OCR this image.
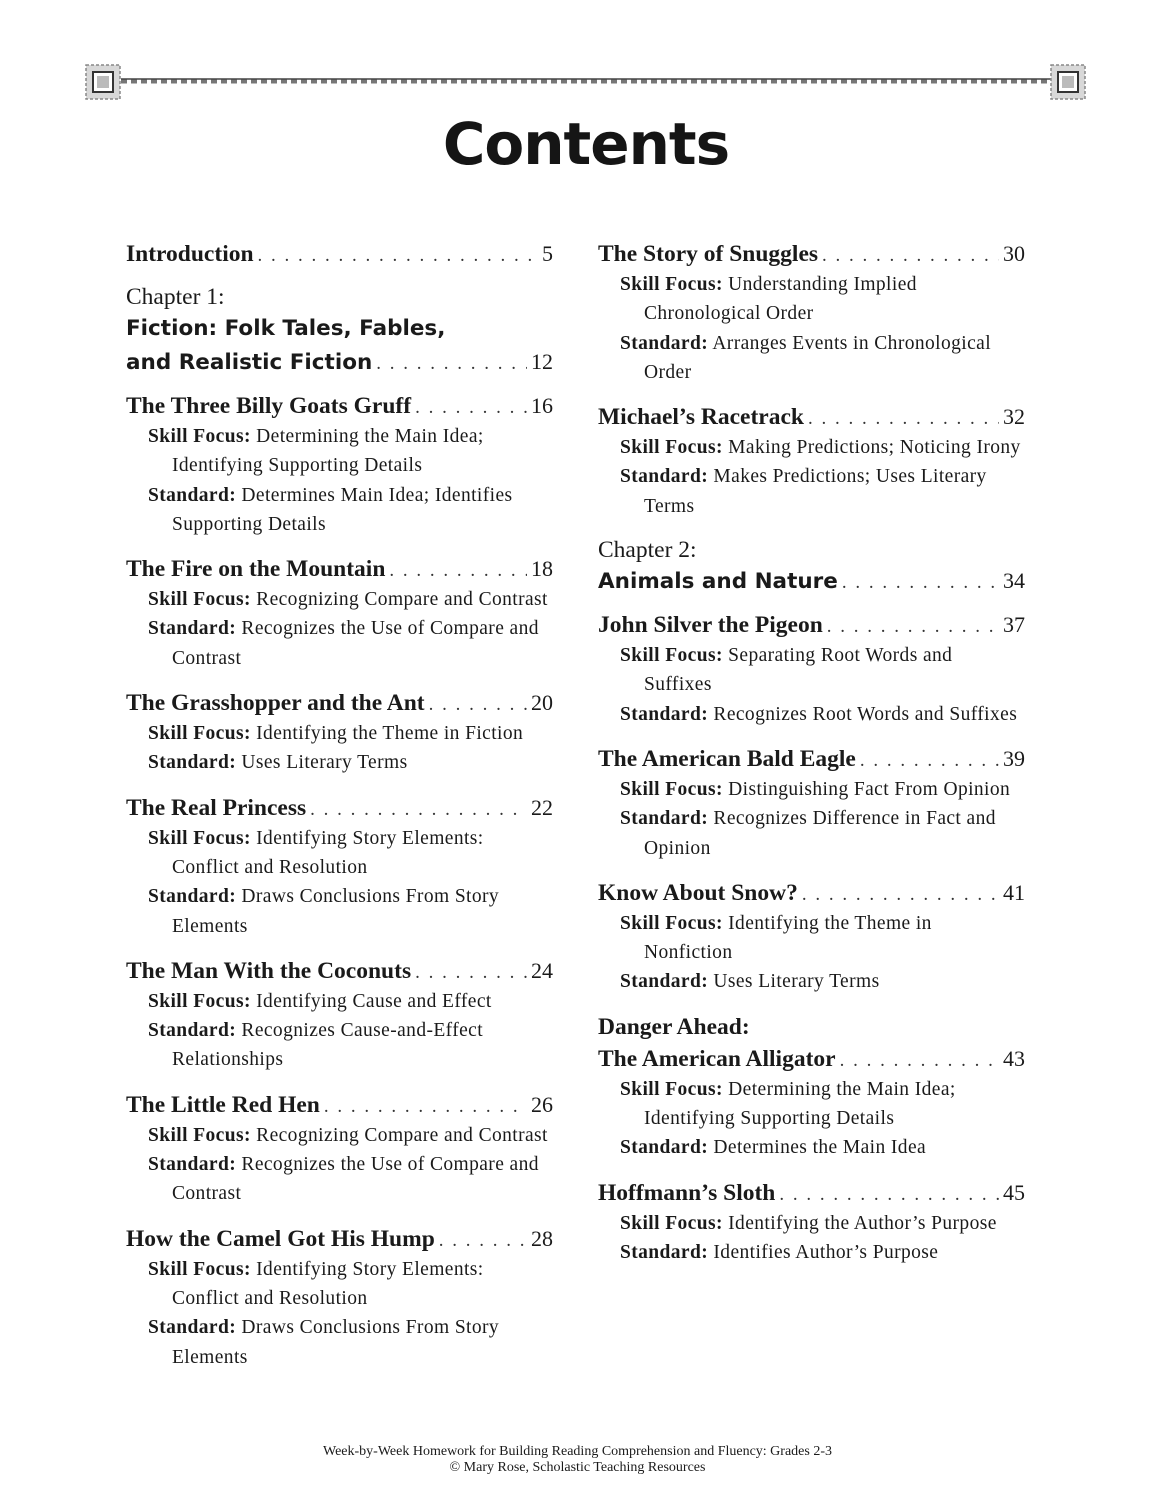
Contents
Introduction . . .	5
Chapter 1:
Fiction: Folk Tales, Fables,
and Realistic Fiction . . .	12
The Three Billy Goats Gruff . . .	16

Skill Focus: Determining the Main Idea; Identifying Supporting Details

Standard: Determines Main Idea; Identifies Supporting Details

The Fire on the Mountain . . .	18

Skill Focus: Recognizing Compare and Contrast

Standard: Recognizes the Use of Compare and Contrast

The Grasshopper and the Ant . . .	20

Skill Focus: Identifying the Theme in Fiction

Standard: Uses Literary Terms

The Real Princess . . .	22

Skill Focus: Identifying Story Elements: Conflict and Resolution

Standard: Draws Conclusions From Story Elements

The Man With the Coconuts . . .	24

Skill Focus: Identifying Cause and Effect

Standard: Recognizes Cause-and-Effect Relationships

The Little Red Hen . . .	26

Skill Focus: Recognizing Compare and Contrast

Standard: Recognizes the Use of Compare and Contrast

How the Camel Got His Hump . . .	28

Skill Focus: Identifying Story Elements: Conflict and Resolution

Standard: Draws Conclusions From Story Elements

The Story of Snuggles . . .	30

Skill Focus: Understanding Implied Chronological Order

Standard: Arranges Events in Chronological Order

Michael’s Racetrack . . .	32

Skill Focus: Making Predictions; Noticing Irony

Standard: Makes Predictions; Uses Literary Terms

Chapter 2:
Animals and Nature . . .	34
John Silver the Pigeon . . .	37

Skill Focus: Separating Root Words and Suffixes

Standard: Recognizes Root Words and Suffixes

The American Bald Eagle . . .	39

Skill Focus: Distinguishing Fact From Opinion

Standard: Recognizes Difference in Fact and Opinion

Know About Snow? . . .	41

Skill Focus: Identifying the Theme in Nonfiction

Standard: Uses Literary Terms

Danger Ahead:
The American Alligator . . .	43

Skill Focus: Determining the Main Idea; Identifying Supporting Details

Standard: Determines the Main Idea

Hoffmann’s Sloth . . .	45

Skill Focus: Identifying the Author’s Purpose

Standard: Identifies Author’s Purpose

Week-by-Week Homework for Building Reading Comprehension and Fluency: Grades 2-3
© Mary Rose, Scholastic Teaching Resources
